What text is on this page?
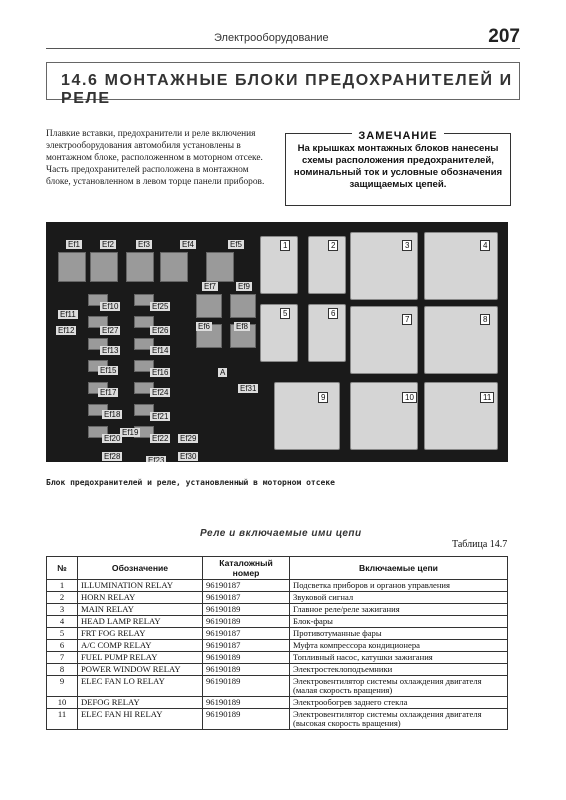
Электрооборудование	207
14.6 МОНТАЖНЫЕ БЛОКИ ПРЕДОХРАНИТЕЛЕЙ И РЕЛЕ
Плавкие вставки, предохранители и реле включения электрооборудования автомобиля установлены в монтажном блоке, расположенном в моторном отсеке. Часть предохранителей расположена в монтажном блоке, установленном в левом торце панели приборов.
ЗАМЕЧАНИЕ
На крышках монтажных блоков нанесены схемы расположения предохранителей, номинальный ток и условные обозначения защищаемых цепей.
1	2	3	4
5	6
7	8
9	10	11
Ef1	Ef2	Ef3	Ef4	Ef5
Ef7	Ef9
Ef10
Ef11
Ef12
Ef13	Ef14
Ef15	Ef16
Ef17
Ef18
Ef19
Ef20
Ef21
Ef22
Ef23
Ef24
Ef25
Ef26
Ef27
Ef28
Ef29
Ef30
Ef31
Ef6	Ef8
A
Блок предохранителей и реле, установленный в моторном отсеке
Реле и включаемые ими цепи
Таблица 14.7
№	Обозначение	Каталожный номер	Включаемые цепи
1	ILLUMINATION RELAY	96190187	Подсветка приборов и органов управления
2	HORN RELAY	96190187	Звуковой сигнал
3	MAIN RELAY	96190189	Главное реле/реле зажигания
4	HEAD LAMP RELAY	96190189	Блок-фары
5	FRT FOG RELAY	96190187	Противотуманные фары
6	A/C COMP RELAY	96190187	Муфта компрессора кондиционера
7	FUEL PUMP RELAY	96190189	Топливный насос, катушки зажигания
8	POWER WINDOW RELAY	96190189	Электростеклоподъемники
9	ELEC FAN LO RELAY	96190189	Электровентилятор системы охлаждения двигателя (малая скорость вращения)
10	DEFOG RELAY	96190189	Электрообогрев заднего стекла
11	ELEC FAN HI RELAY	96190189	Электровентилятор системы охлаждения двигателя (высокая скорость вращения)
